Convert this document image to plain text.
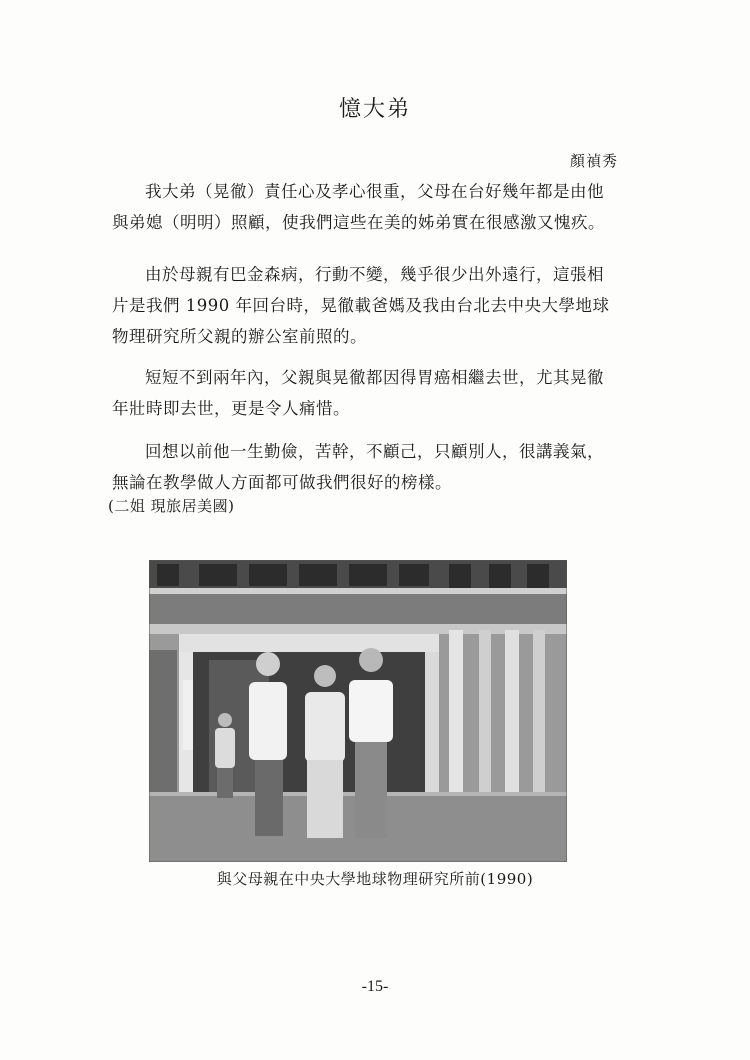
憶大弟
顏禎秀
我大弟（晃徹）責任心及孝心很重，父母在台好幾年都是由他
與弟媳（明明）照顧，使我們這些在美的姊弟實在很感激又愧疚。
由於母親有巴金森病，行動不變，幾乎很少出外遠行，這張相
片是我們 1990 年回台時，晃徹載爸媽及我由台北去中央大學地球
物理研究所父親的辦公室前照的。
短短不到兩年內，父親與晃徹都因得胃癌相繼去世，尤其晃徹
年壯時即去世，更是令人痛惜。
回想以前他一生勤儉，苦幹，不顧己，只顧別人，很講義氣，
無論在教學做人方面都可做我們很好的榜樣。
(二姐 現旅居美國)
與父母親在中央大學地球物理研究所前(1990)
-15-
